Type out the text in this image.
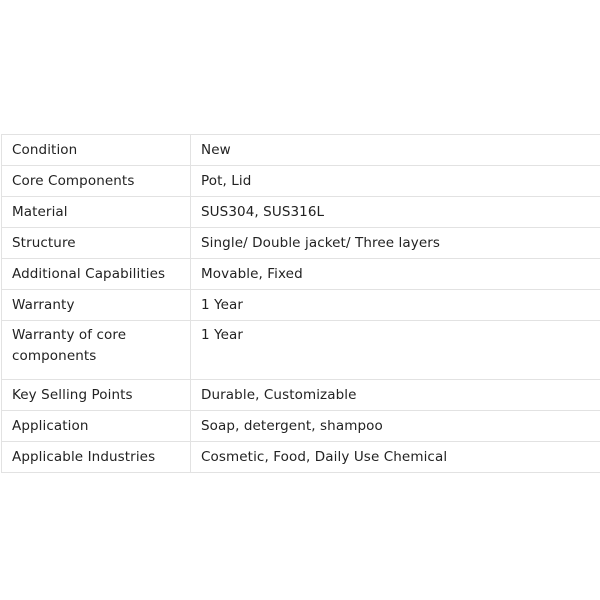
Condition	New
Core Components	Pot, Lid
Material	SUS304, SUS316L
Structure	Single/ Double jacket/ Three layers
Additional Capabilities	Movable, Fixed
Warranty	1 Year
Warranty of core components	1 Year
Key Selling Points	Durable, Customizable
Application	Soap, detergent, shampoo
Applicable Industries	Cosmetic, Food, Daily Use Chemical
